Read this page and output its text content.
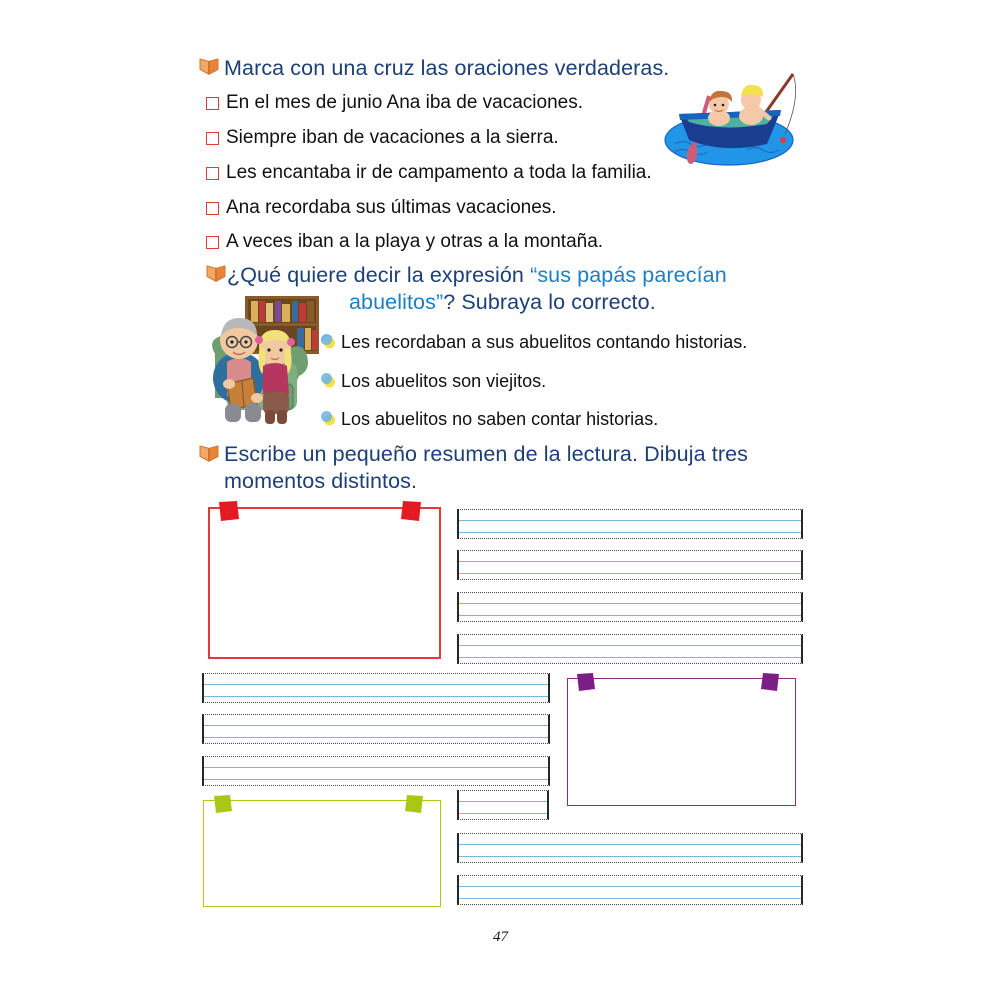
Marca con una cruz las oraciones verdaderas.
En el mes de junio Ana iba de vacaciones.
Siempre iban de vacaciones a la sierra.
Les encantaba ir de campamento a toda la familia.
Ana recordaba sus últimas vacaciones.
A veces iban a la playa y otras a la montaña.
¿Qué quiere decir la expresión “sus papás parecían
abuelitos”? Subraya lo correcto.
Les recordaban a sus abuelitos contando historias.
Los abuelitos son viejitos.
Los abuelitos no saben contar historias.
Escribe un pequeño resumen de la lectura. Dibuja tres
momentos distintos.
47
